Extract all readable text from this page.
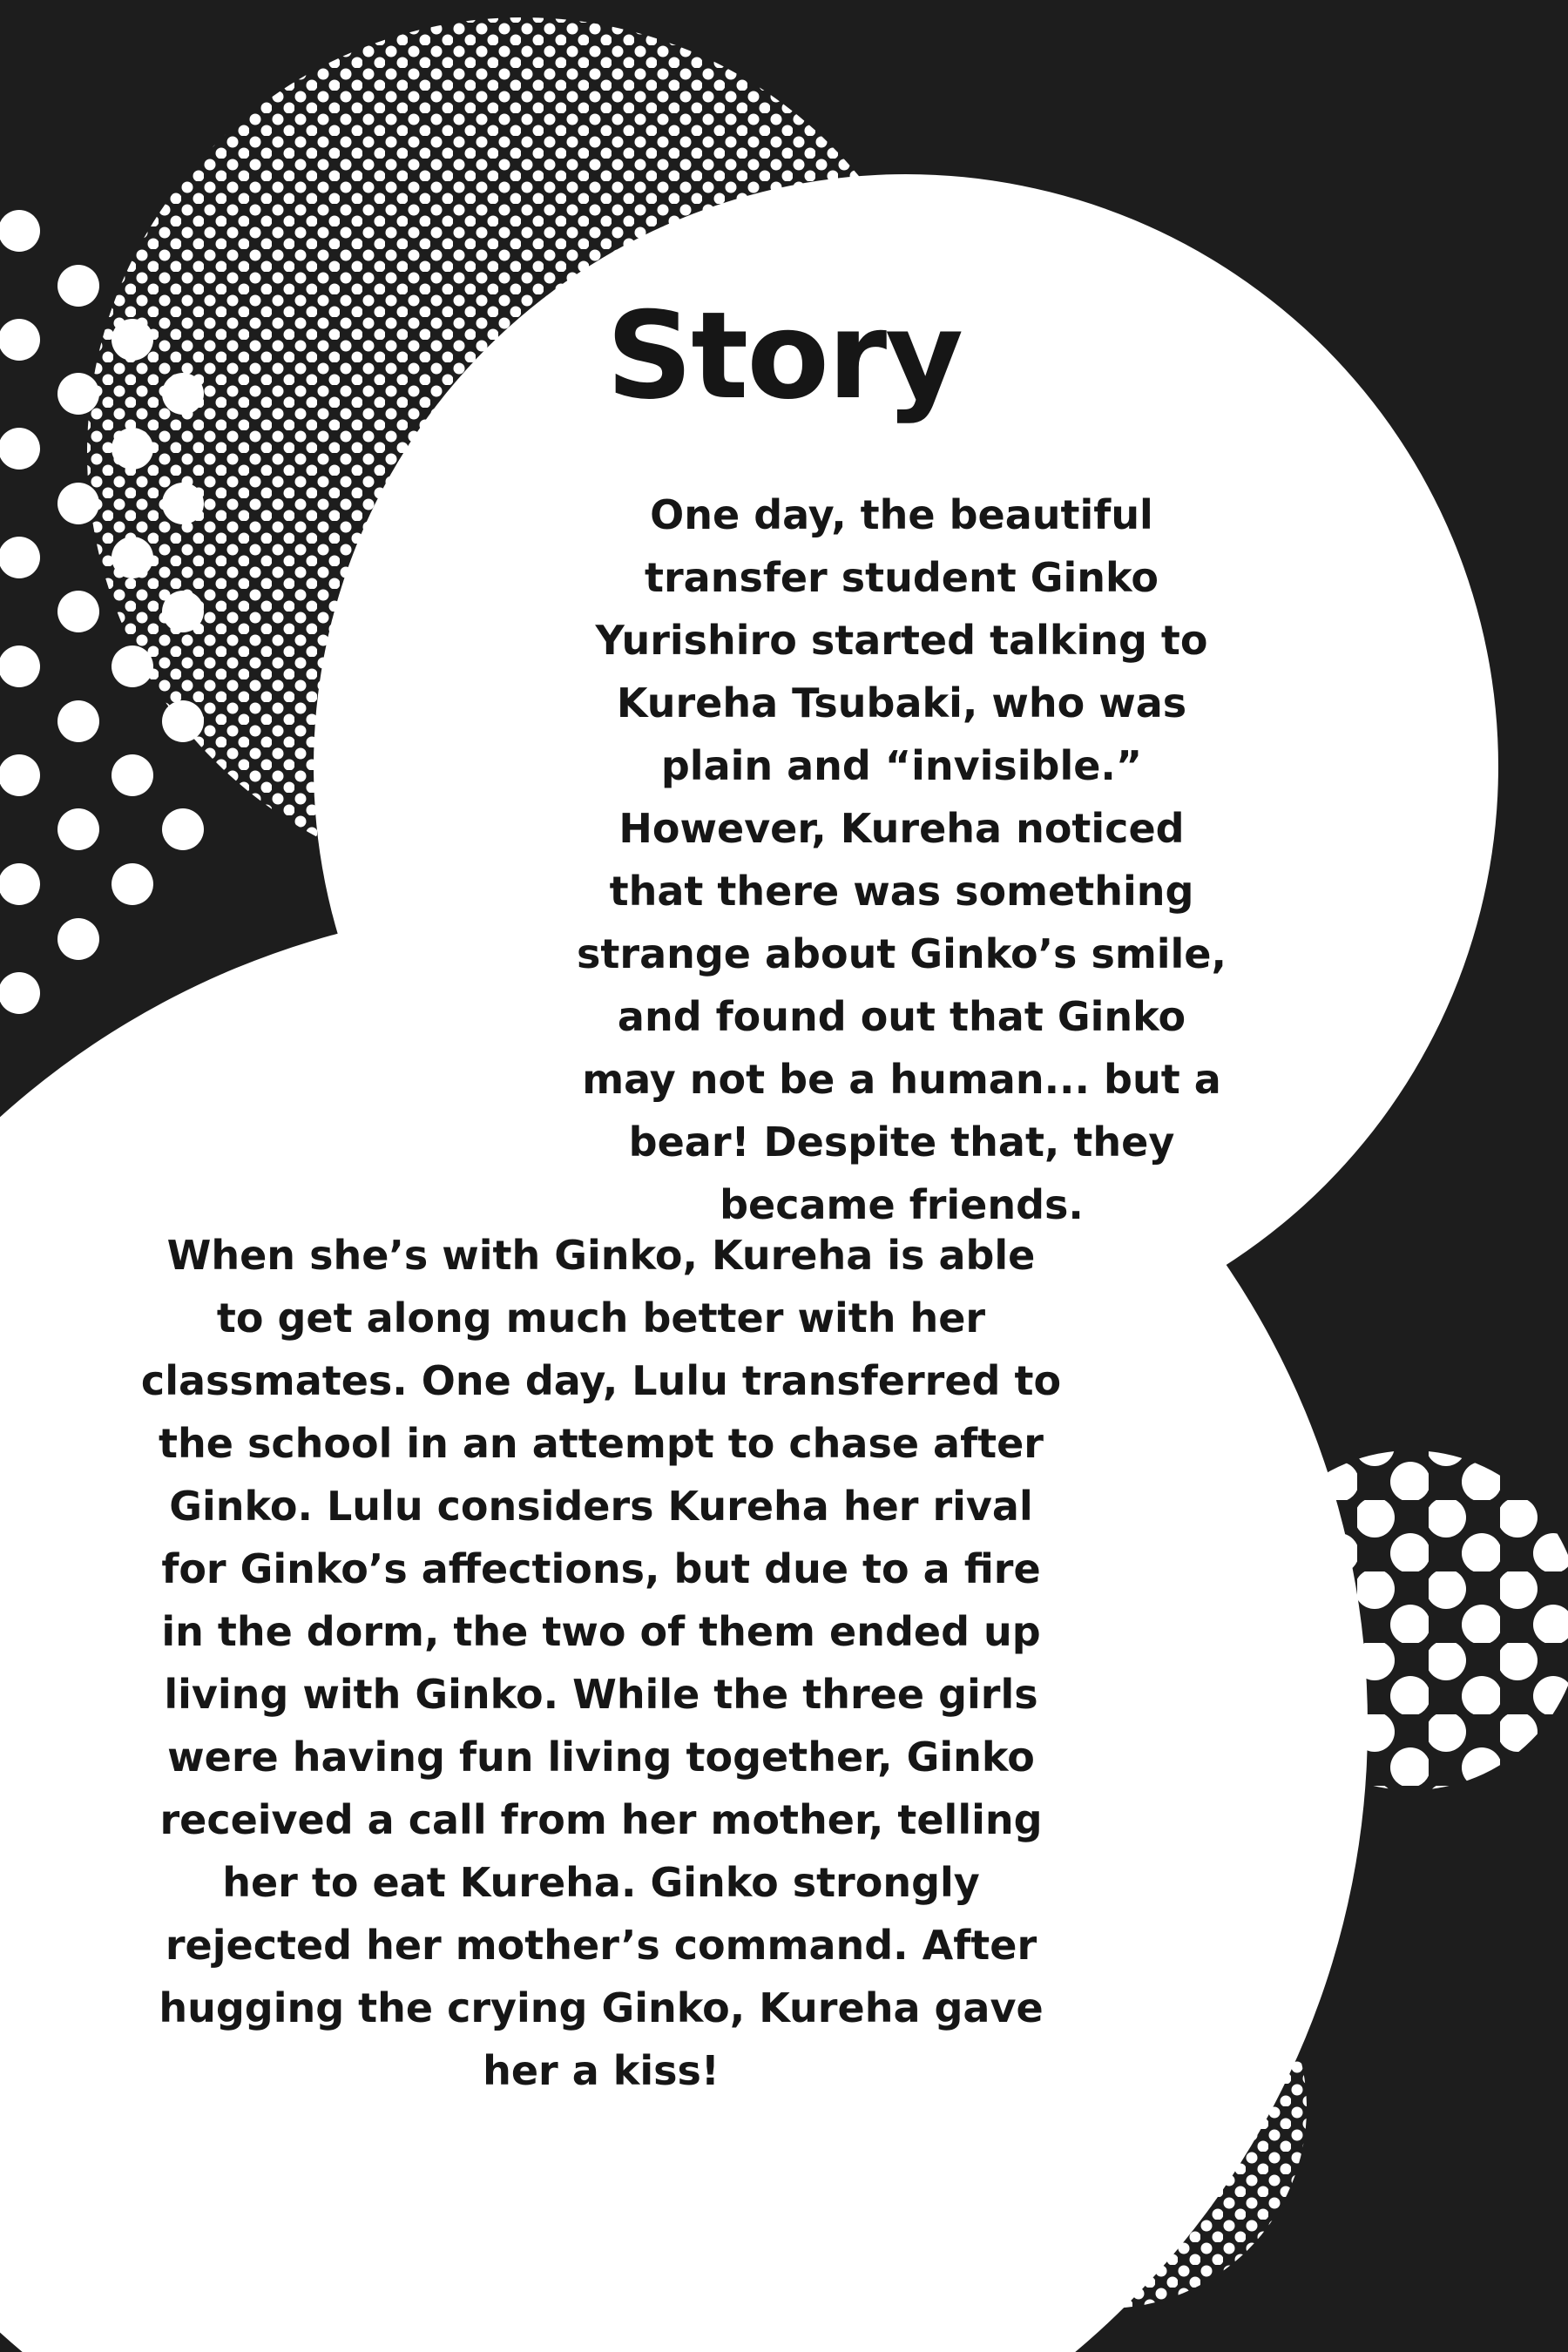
Story

One day, the beautiful transfer student Ginko Yurishiro started talking to Kureha Tsubaki, who was plain and “invisible.” However, Kureha noticed that there was something strange about Ginko’s smile, and found out that Ginko may not be a human... but a bear! Despite that, they became friends.

When she’s with Ginko, Kureha is able to get along much better with her classmates. One day, Lulu transferred to the school in an attempt to chase after Ginko. Lulu considers Kureha her rival for Ginko’s affections, but due to a fire in the dorm, the two of them ended up living with Ginko. While the three girls were having fun living together, Ginko received a call from her mother, telling her to eat Kureha. Ginko strongly rejected her mother’s command. After hugging the crying Ginko, Kureha gave her a kiss!
